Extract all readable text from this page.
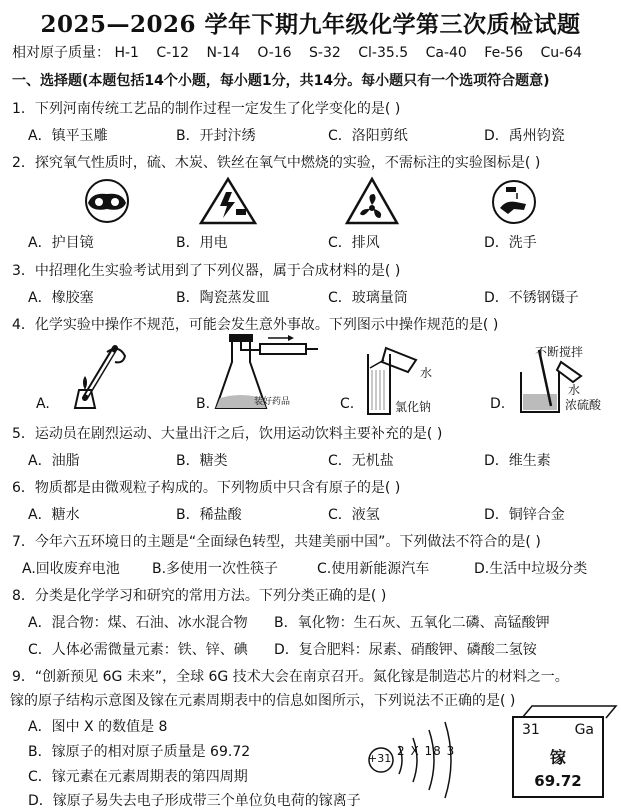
2025—2026 学年下期九年级化学第三次质检试题
相对原子质量： H-1 C-12 N-14 O-16 S-32 Cl-35.5 Ca-40 Fe-56 Cu-64
一、选择题(本题包括14个小题，每小题1分，共14分。每小题只有一个选项符合题意)
1．下列河南传统工艺品的制作过程一定发生了化学变化的是( )
A．镇平玉雕	B．开封汴绣	C．洛阳剪纸	D．禹州钧瓷
2．探究氧气性质时，硫、木炭、铁丝在氧气中燃烧的实验，不需标注的实验图标是( )
A．护目镜	B．用电	C．排风	D．洗手
3．中招理化生实验考试用到了下列仪器，属于合成材料的是( )
A．橡胶塞	B．陶瓷蒸发皿	C．玻璃量筒	D．不锈钢镊子
4．化学实验中操作不规范，可能会发生意外事故。下列图示中操作规范的是( )
不断搅拌
水
浓硫酸
水
氯化钠
装好药品
A.	B.	C.	D.
5．运动员在剧烈运动、大量出汗之后，饮用运动饮料主要补充的是( )
A．油脂	B．糖类	C．无机盐	D．维生素
6．物质都是由微观粒子构成的。下列物质中只含有原子的是( )
A．糖水	B．稀盐酸	C．液氢	D．铜锌合金
7．今年六五环境日的主题是“全面绿色转型，共建美丽中国”。下列做法不符合的是( )
A.回收废弃电池 B.多使用一次性筷子	C.使用新能源汽车	D.生活中垃圾分类
8．分类是化学学习和研究的常用方法。下列分类正确的是( )
A．混合物：煤、石油、冰水混合物 B．氧化物：生石灰、五氧化二磷、高锰酸钾
C．人体必需微量元素：铁、锌、碘 D．复合肥料：尿素、硝酸钾、磷酸二氢铵
9．“创新预见 6G 未来”，全球 6G 技术大会在南京召开。氮化镓是制造芯片的材料之一。
镓的原子结构示意图及镓在元素周期表中的信息如图所示，下列说法不正确的是( )
A．图中 X 的数值是 8
B．镓原子的相对原子质量是 69.72
C．镓元素在元素周期表的第四周期
D．镓原子易失去电子形成带三个单位负电荷的镓离子
+31
2 X 18 3
31 Ga
镓
69.72
